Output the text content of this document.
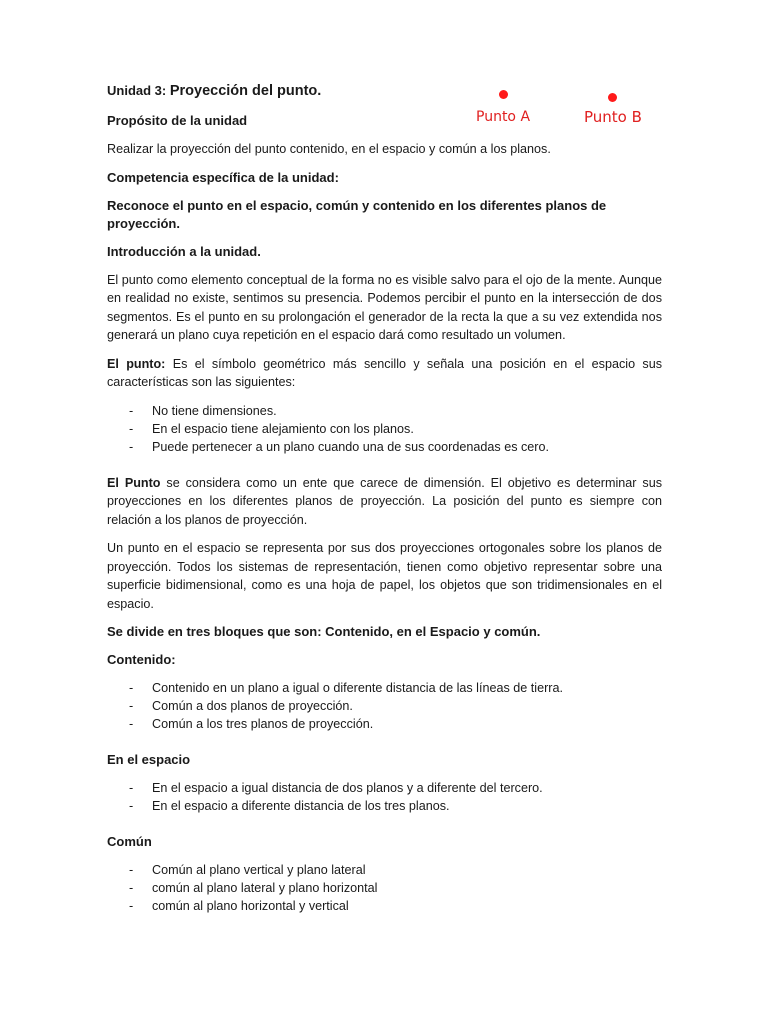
Punto A	Punto B
Unidad 3: Proyección del punto.
Propósito de la unidad
Realizar la proyección del punto contenido, en el espacio y común a los planos.
Competencia específica de la unidad:
Reconoce el punto en el espacio, común y contenido en los diferentes planos de proyección.
Introducción a la unidad.
El punto como elemento conceptual de la forma no es visible salvo para el ojo de la mente. Aunque en realidad no existe, sentimos su presencia. Podemos percibir el punto en la intersección de dos segmentos. Es el punto en su prolongación el generador de la recta la que a su vez extendida nos generará un plano cuya repetición en el espacio dará como resultado un volumen.
El punto: Es el símbolo geométrico más sencillo y señala una posición en el espacio sus características son las siguientes:
- No tiene dimensiones.
- En el espacio tiene alejamiento con los planos.
- Puede pertenecer a un plano cuando una de sus coordenadas es cero.
El Punto se considera como un ente que carece de dimensión. El objetivo es determinar sus proyecciones en los diferentes planos de proyección. La posición del punto es siempre con relación a los planos de proyección.
Un punto en el espacio se representa por sus dos proyecciones ortogonales sobre los planos de proyección. Todos los sistemas de representación, tienen como objetivo representar sobre una superficie bidimensional, como es una hoja de papel, los objetos que son tridimensionales en el espacio.
Se divide en tres bloques que son: Contenido, en el Espacio y común.
Contenido:
- Contenido en un plano a igual o diferente distancia de las líneas de tierra.
- Común a dos planos de proyección.
- Común a los tres planos de proyección.
En el espacio
- En el espacio a igual distancia de dos planos y a diferente del tercero.
- En el espacio a diferente distancia de los tres planos.
Común
- Común al plano vertical y plano lateral
- común al plano lateral y plano horizontal
- común al plano horizontal y vertical
